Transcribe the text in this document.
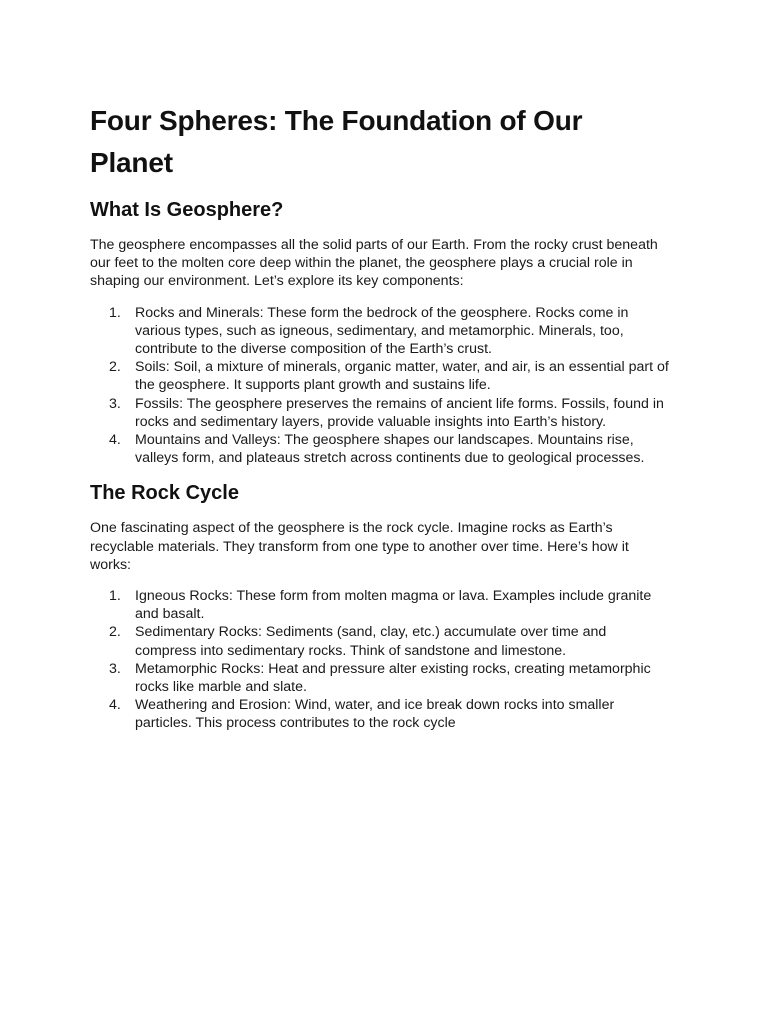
Four Spheres: The Foundation of Our Planet
What Is Geosphere?

The geosphere encompasses all the solid parts of our Earth. From the rocky crust beneath our feet to the molten core deep within the planet, the geosphere plays a crucial role in shaping our environment. Let’s explore its key components:

Rocks and Minerals: These form the bedrock of the geosphere. Rocks come in various types, such as igneous, sedimentary, and metamorphic. Minerals, too, contribute to the diverse composition of the Earth’s crust.
Soils: Soil, a mixture of minerals, organic matter, water, and air, is an essential part of the geosphere. It supports plant growth and sustains life.
Fossils: The geosphere preserves the remains of ancient life forms. Fossils, found in rocks and sedimentary layers, provide valuable insights into Earth’s history.
Mountains and Valleys: The geosphere shapes our landscapes. Mountains rise, valleys form, and plateaus stretch across continents due to geological processes.
The Rock Cycle

One fascinating aspect of the geosphere is the rock cycle. Imagine rocks as Earth’s recyclable materials. They transform from one type to another over time. Here’s how it works:

Igneous Rocks: These form from molten magma or lava. Examples include granite and basalt.
Sedimentary Rocks: Sediments (sand, clay, etc.) accumulate over time and compress into sedimentary rocks. Think of sandstone and limestone.
Metamorphic Rocks: Heat and pressure alter existing rocks, creating metamorphic rocks like marble and slate.
Weathering and Erosion: Wind, water, and ice break down rocks into smaller particles. This process contributes to the rock cycle
